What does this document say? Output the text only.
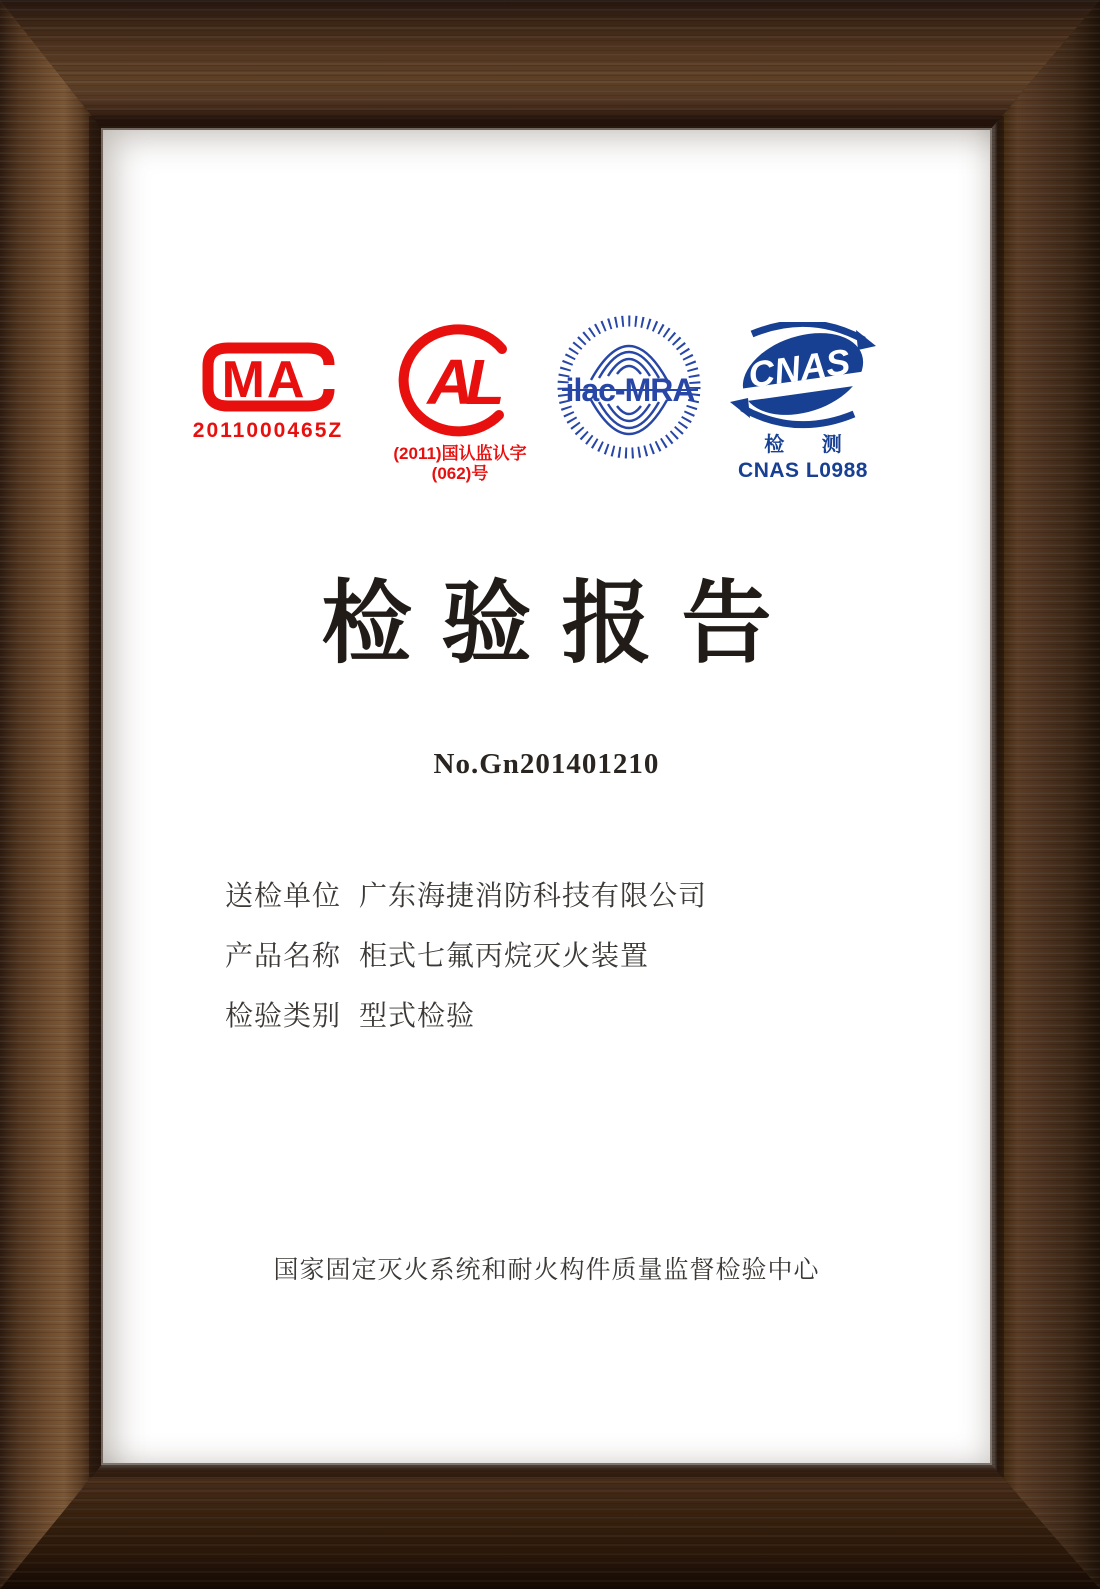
MA
2011000465Z
AL
(2011)国认监认字(062)号
ilac-MRA CNAS
检 测
CNAS L0988
检验报告
No.Gn201401210
送检单位 广东海捷消防科技有限公司
产品名称 柜式七氟丙烷灭火装置
检验类别 型式检验
国家固定灭火系统和耐火构件质量监督检验中心
